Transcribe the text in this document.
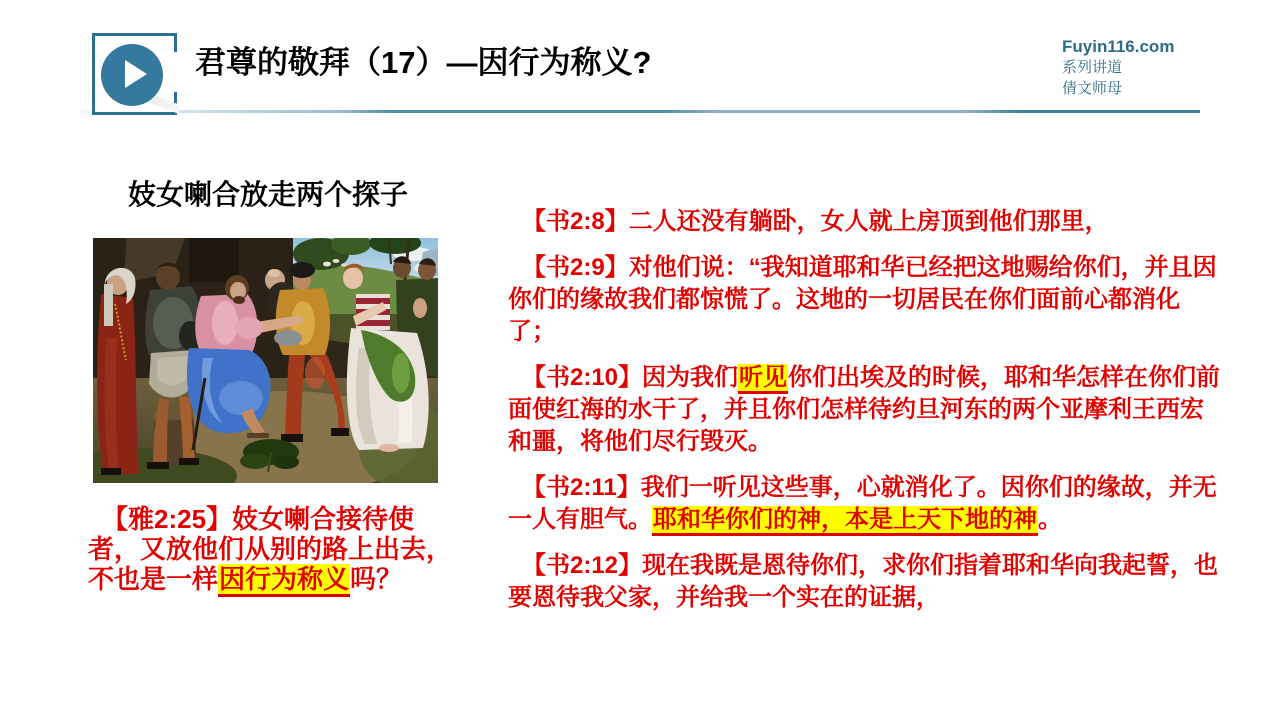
君尊的敬拜（17）—因行为称义?	Fuyin116.com
系列讲道
倩文师母
妓女喇合放走两个探子

【雅2:25】妓女喇合接待使者，又放他们从别的路上出去，不也是一样因行为称义吗？

【书2:8】二人还没有躺卧，女人就上房顶到他们那里，

【书2:9】对他们说：“我知道耶和华已经把这地赐给你们，并且因你们的缘故我们都惊慌了。这地的一切居民在你们面前心都消化了；

【书2:10】因为我们听见你们出埃及的时候，耶和华怎样在你们前面使红海的水干了，并且你们怎样待约旦河东的两个亚摩利王西宏和噩，将他们尽行毁灭。

【书2:11】我们一听见这些事，心就消化了。因你们的缘故，并无一人有胆气。耶和华你们的神，本是上天下地的神。

【书2:12】现在我既是恩待你们，求你们指着耶和华向我起誓，也要恩待我父家，并给我一个实在的证据，
